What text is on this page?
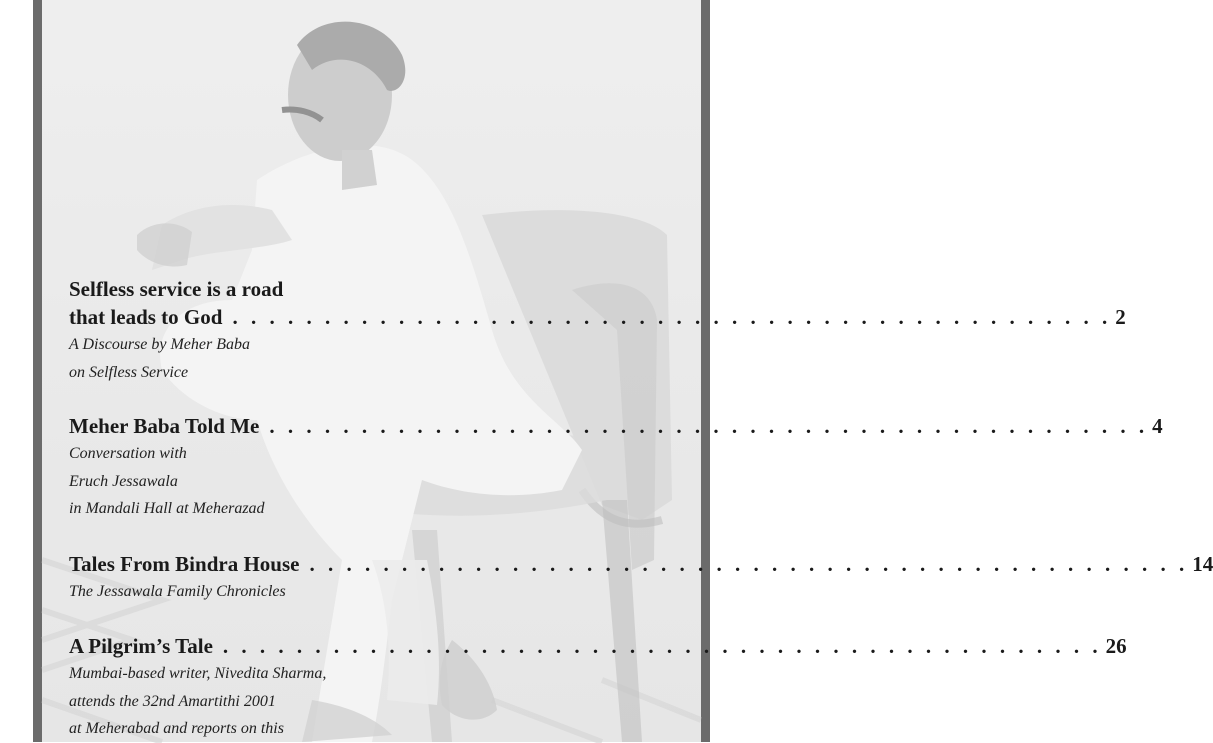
Selfless service is a road
that leads to God . . . . . . . . . . . . . . . . . . . . . . . . . . . . . . . . . . . . . . . . . . . . . . . . 2
A Discourse by Meher Baba
on Selfless Service
Meher Baba Told Me . . . . . . . . . . . . . . . . . . . . . . . . . . . . . . . . . . . . . . . . . . . . . . . . 4
Conversation with
Eruch Jessawala
in Mandali Hall at Meherazad
Tales From Bindra House . . . . . . . . . . . . . . . . . . . . . . . . . . . . . . . . . . . . . . . . . . . . . . . . 14
The Jessawala Family Chronicles
A Pilgrim’s Tale . . . . . . . . . . . . . . . . . . . . . . . . . . . . . . . . . . . . . . . . . . . . . . . . 26
Mumbai-based writer, Nivedita Sharma,
attends the 32nd Amartithi 2001
at Meherabad and reports on this
